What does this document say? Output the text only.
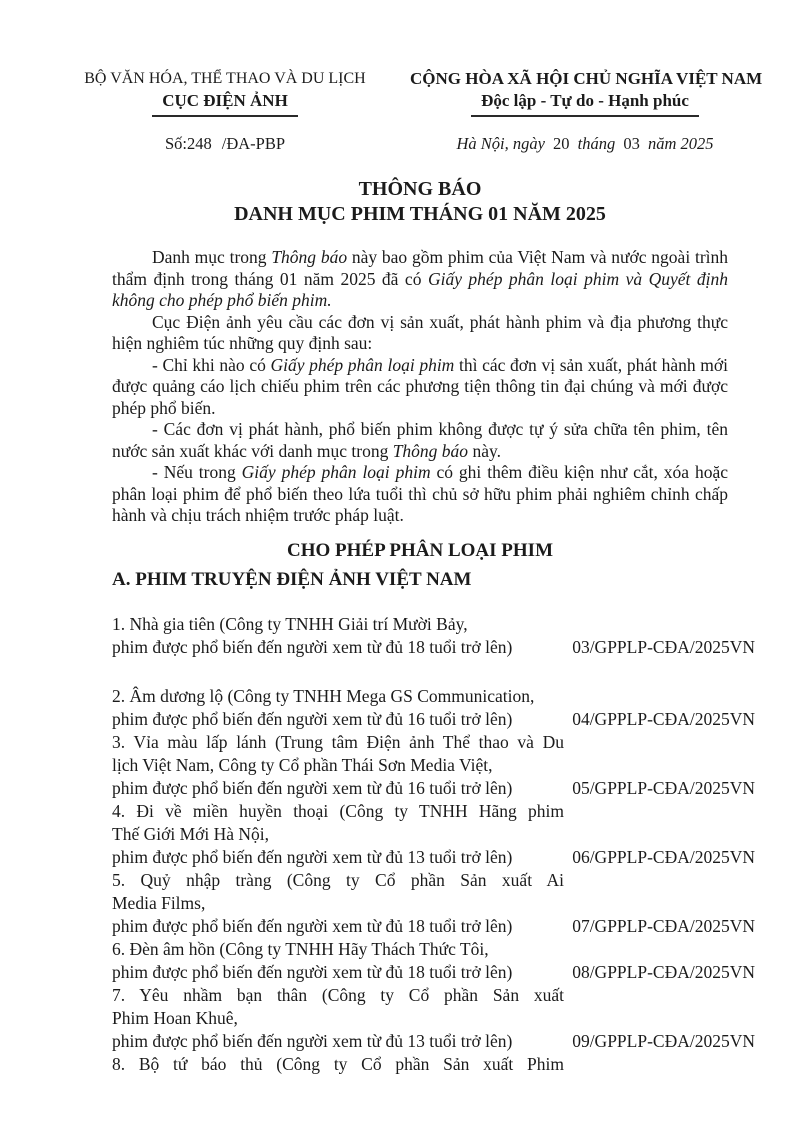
BỘ VĂN HÓA, THỂ THAO VÀ DU LỊCH
CỤC ĐIỆN ẢNH
CỘNG HÒA XÃ HỘI CHỦ NGHĨA VIỆT NAM
Độc lập - Tự do - Hạnh phúc
Số:248 /ĐA-PBP	Hà Nội, ngày 20 tháng 03 năm 2025
THÔNG BÁO
DANH MỤC PHIM THÁNG 01 NĂM 2025

Danh mục trong Thông báo này bao gồm phim của Việt Nam và nước ngoài trình thẩm định trong tháng 01 năm 2025 đã có Giấy phép phân loại phim và Quyết định không cho phép phổ biến phim.

Cục Điện ảnh yêu cầu các đơn vị sản xuất, phát hành phim và địa phương thực hiện nghiêm túc những quy định sau:

- Chỉ khi nào có Giấy phép phân loại phim thì các đơn vị sản xuất, phát hành mới được quảng cáo lịch chiếu phim trên các phương tiện thông tin đại chúng và mới được phép phổ biến.

- Các đơn vị phát hành, phổ biến phim không được tự ý sửa chữa tên phim, tên nước sản xuất khác với danh mục trong Thông báo này.

- Nếu trong Giấy phép phân loại phim có ghi thêm điều kiện như cắt, xóa hoặc phân loại phim để phổ biến theo lứa tuổi thì chủ sở hữu phim phải nghiêm chỉnh chấp hành và chịu trách nhiệm trước pháp luật.

CHO PHÉP PHÂN LOẠI PHIM
A. PHIM TRUYỆN ĐIỆN ẢNH VIỆT NAM
1. Nhà gia tiên (Công ty TNHH Giải trí Mười Bảy,
phim được phổ biến đến người xem từ đủ 18 tuổi trở lên)	03/GPPLP-CĐA/2025VN
2. Âm dương lộ (Công ty TNHH Mega GS Communication,
phim được phổ biến đến người xem từ đủ 16 tuổi trở lên)	04/GPPLP-CĐA/2025VN
3. Vỉa màu lấp lánh (Trung tâm Điện ảnh Thể thao và Du
lịch Việt Nam, Công ty Cổ phần Thái Sơn Media Việt,
phim được phổ biến đến người xem từ đủ 16 tuổi trở lên)	05/GPPLP-CĐA/2025VN
4. Đi về miền huyền thoại (Công ty TNHH Hãng phim
Thế Giới Mới Hà Nội,
phim được phổ biến đến người xem từ đủ 13 tuổi trở lên)	06/GPPLP-CĐA/2025VN
5. Quỷ nhập tràng (Công ty Cổ phần Sản xuất Ai
Media Films,
phim được phổ biến đến người xem từ đủ 18 tuổi trở lên)	07/GPPLP-CĐA/2025VN
6. Đèn âm hồn (Công ty TNHH Hãy Thách Thức Tôi,
phim được phổ biến đến người xem từ đủ 18 tuổi trở lên)	08/GPPLP-CĐA/2025VN
7. Yêu nhầm bạn thân (Công ty Cổ phần Sản xuất
Phim Hoan Khuê,
phim được phổ biến đến người xem từ đủ 13 tuổi trở lên)	09/GPPLP-CĐA/2025VN
8. Bộ tứ báo thủ (Công ty Cổ phần Sản xuất Phim
